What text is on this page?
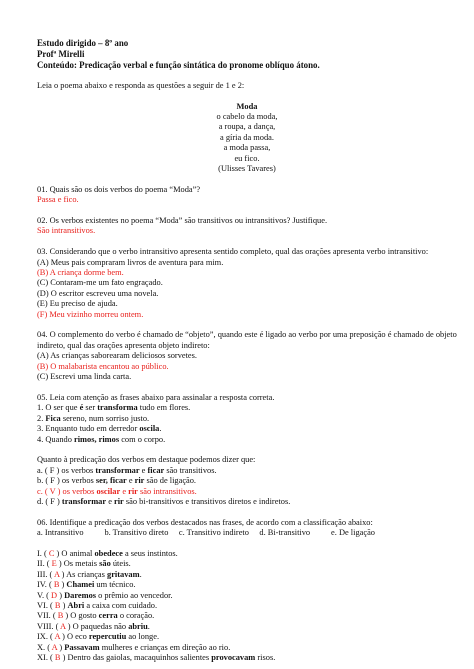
Estudo dirigido – 8º ano
Profª Mirelli
Conteúdo: Predicação verbal e função sintática do pronome oblíquo átono.
Leia o poema abaixo e responda as questões a seguir de 1 e 2:
Moda
o cabelo da moda,
a roupa, a dança,
a gíria da moda.
a moda passa,
eu fico.
(Ulisses Tavares)
01. Quais são os dois verbos do poema “Moda”?
Passa e fico.
02. Os verbos existentes no poema “Moda” são transitivos ou intransitivos? Justifique.
São intransitivos.
03. Considerando que o verbo intransitivo apresenta sentido completo, qual das orações apresenta verbo intransitivo:
(A) Meus pais compraram livros de aventura para mim.
(B) A criança dorme bem.
(C) Contaram-me um fato engraçado.
(D) O escritor escreveu uma novela.
(E) Eu preciso de ajuda.
(F) Meu vizinho morreu ontem.
04. O complemento do verbo é chamado de “objeto”, quando este é ligado ao verbo por uma preposição é chamado de objeto indireto, qual das orações apresenta objeto indireto:
(A) As crianças saborearam deliciosos sorvetes.
(B) O malabarista encantou ao público.
(C) Escrevi uma linda carta.
05. Leia com atenção as frases abaixo para assinalar a resposta correta.
1. O ser que é ser transforma tudo em flores.
2. Fica sereno, num sorriso justo.
3. Enquanto tudo em derredor oscila.
4. Quando rimos, rimos com o corpo.
Quanto à predicação dos verbos em destaque podemos dizer que:
a. ( F ) os verbos transformar e ficar são transitivos.
b. ( F ) os verbos ser, ficar e rir são de ligação.
c. ( V ) os verbos oscilar e rir são intransitivos.
d. ( F ) transformar e rir são bi-transitivos e transitivos diretos e indiretos.
06. Identifique a predicação dos verbos destacados nas frases, de acordo com a classificação abaixo:
a. Intransitivo          b. Transitivo direto     c. Transitivo indireto     d. Bi-transitivo          e. De ligação
I. ( C ) O animal obedece a seus instintos.
II. ( E ) Os metais são úteis.
III. ( A ) As crianças gritavam.
IV. ( B ) Chamei um técnico.
V. ( D ) Daremos o prêmio ao vencedor.
VI. ( B ) Abri a caixa com cuidado.
VII. ( B ) O gosto cerra o coração.
VIII. ( A ) O paquedas não abriu.
IX. ( A ) O eco repercutiu ao longe.
X. ( A ) Passavam mulheres e crianças em direção ao rio.
XI. ( B ) Dentro das gaiolas, macaquinhos salientes provocavam risos.
